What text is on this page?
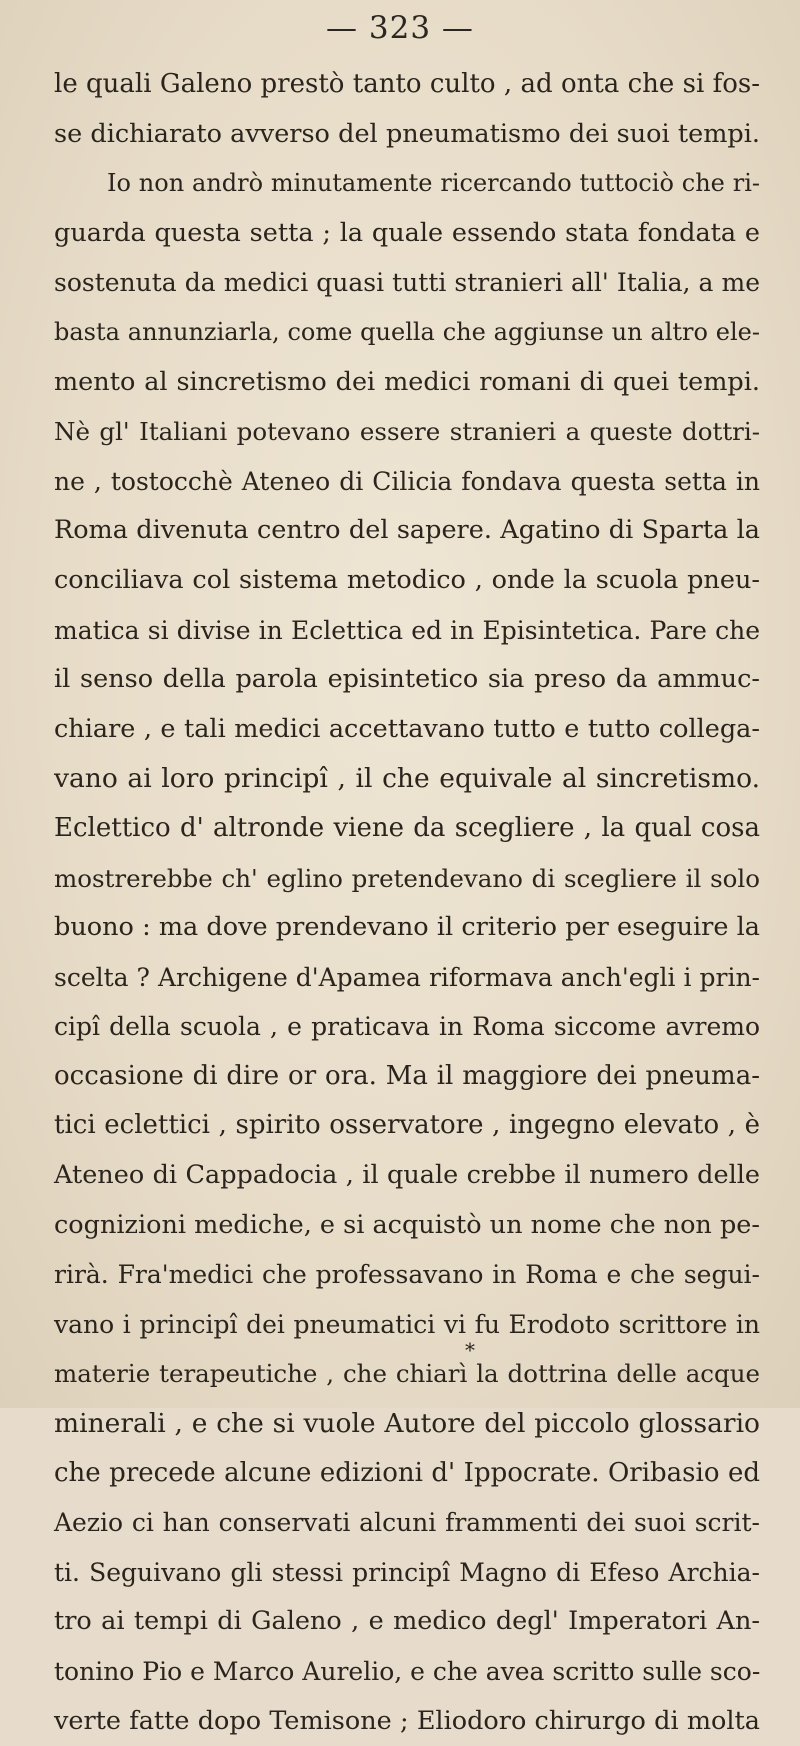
— 323 —
le quali Galeno prestò tanto culto , ad onta che si fos-
se dichiarato avverso del pneumatismo dei suoi tempi.
Io non andrò minutamente ricercando tuttociò che ri-
guarda questa setta ; la quale essendo stata fondata e
sostenuta da medici quasi tutti stranieri all' Italia, a me
basta annunziarla, come quella che aggiunse un altro ele-
mento al sincretismo dei medici romani di quei tempi.
Nè gl' Italiani potevano essere stranieri a queste dottri-
ne , tostocchè Ateneo di Cilicia fondava questa setta in
Roma divenuta centro del sapere. Agatino di Sparta la
conciliava col sistema metodico , onde la scuola pneu-
matica si divise in Eclettica ed in Episintetica. Pare che
il senso della parola episintetico sia preso da ammuc-
chiare , e tali medici accettavano tutto e tutto collega-
vano ai loro principî , il che equivale al sincretismo.
Eclettico d' altronde viene da scegliere , la qual cosa
mostrerebbe ch' eglino pretendevano di scegliere il solo
buono : ma dove prendevano il criterio per eseguire la
scelta ? Archigene d'Apamea riformava anch'egli i prin-
cipî della scuola , e praticava in Roma siccome avremo
occasione di dire or ora. Ma il maggiore dei pneuma-
tici eclettici , spirito osservatore , ingegno elevato , è
Ateneo di Cappadocia , il quale crebbe il numero delle
cognizioni mediche, e si acquistò un nome che non pe-
rirà. Fra'medici che professavano in Roma e che segui-
vano i principî dei pneumatici vi fu Erodoto scrittore in
materie terapeutiche , che chiarì la dottrina delle acque
minerali , e che si vuole Autore del piccolo glossario
che precede alcune edizioni d' Ippocrate. Oribasio ed
Aezio ci han conservati alcuni frammenti dei suoi scrit-
ti. Seguivano gli stessi principî Magno di Efeso Archia-
tro ai tempi di Galeno , e medico degl' Imperatori An-
tonino Pio e Marco Aurelio, e che avea scritto sulle sco-
verte fatte dopo Temisone ; Eliodoro chirurgo di molta
*
